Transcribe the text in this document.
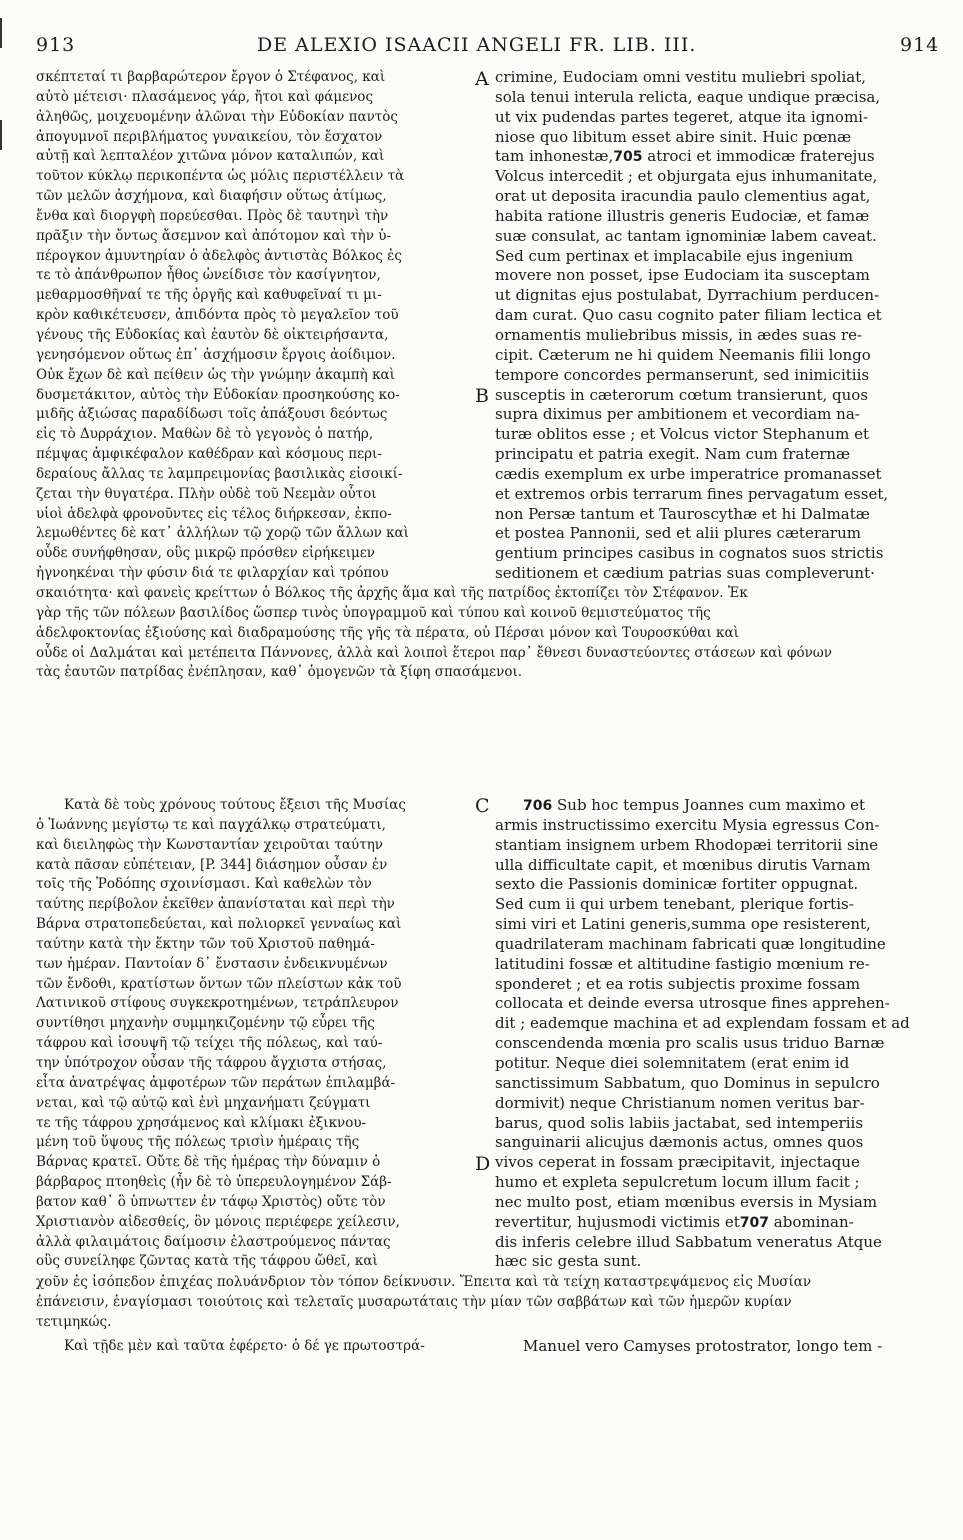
913	DE ALEXIO ISAACII ANGELI FR. LIB. III.	914
A
B
C
D
σκέπτεταί τι βαρβαρώτερον ἔργον ὁ Στέφανος, καὶ
αὐτὸ μέτεισι· πλασάμενος γάρ, ἤτοι καὶ φάμενος
ἀληθῶς, μοιχευομένην ἁλῶναι τὴν Εὐδοκίαν παντὸς
ἀπογυμνοῖ περιβλήματος γυναικείου, τὸν ἔσχατον
αὐτῇ καὶ λεπταλέον χιτῶνα μόνον καταλιπών, καὶ
τοῦτον κύκλῳ περικοπέντα ὡς μόλις περιστέλλειν τὰ
τῶν μελῶν ἀσχήμονα, καὶ διαφήσιν οὕτως ἀτίμως,
ἔνθα καὶ διοργφὴ πορεύεσθαι. Πρὸς δὲ ταυτηνὶ τὴν
πρᾶξιν τὴν ὄντως ἄσεμνον καὶ ἀπότομον καὶ τὴν ὑ-
πέρογκον ἀμυντηρίαν ὁ ἀδελφὸς ἀντιστὰς Βόλκος ἐς
τε τὸ ἀπάνθρωπον ἦθος ὠνείδισε τὸν κασίγνητον,
μεθαρμοσθῆναί τε τῆς ὀργῆς καὶ καθυφεῖναί τι μι-
κρὸν καθικέτευσεν, ἀπιδόντα πρὸς τὸ μεγαλεῖον τοῦ
γένους τῆς Εὐδοκίας καὶ ἑαυτὸν δὲ οἰκτειρήσαντα,
γενησόμενον οὕτως ἐπ᾽ ἀσχήμοσιν ἔργοις ἀοίδιμον.
Οὐκ ἔχων δὲ καὶ πείθειν ὡς τὴν γνώμην ἀκαμπὴ καὶ
δυσμετάκιτον, αὐτὸς τὴν Εὐδοκίαν προσηκούσης κο-
μιδῆς ἀξιώσας παραδίδωσι τοῖς ἀπάξουσι δεόντως
εἰς τὸ Δυρράχιον. Μαθὼν δὲ τὸ γεγονὸς ὁ πατήρ,
πέμψας ἀμφικέφαλον καθέδραν καὶ κόσμους περι-
δεραίους ἄλλας τε λαμπρειμονίας βασιλικὰς εἰσοικί-
ζεται τὴν θυγατέρα. Πλὴν οὐδὲ τοῦ Νεεμὰν οὗτοι
υἱοὶ ἀδελφὰ φρονοῦντες εἰς τέλος διήρκεσαν, ἐκπο-
λεμωθέντες δὲ κατ᾽ ἀλλήλων τῷ χορῷ τῶν ἄλλων καὶ
οὗδε συνήφθησαν, οὓς μικρῷ πρόσθεν εἰρήκειμεν
ἠγνοηκέναι τὴν φύσιν διά τε φιλαρχίαν καὶ τρόπου
crimine, Eudociam omni vestitu muliebri spoliat,
sola tenui interula relicta, eaque undique præcisa,
ut vix pudendas partes tegeret, atque ita ignomi-
niose quo libitum esset abire sinit. Huic pœnæ
tam inhonestæ,705 atroci et immodicæ fraterejus
Volcus intercedit ; et objurgata ejus inhumanitate,
orat ut deposita iracundia paulo clementius agat,
habita ratione illustris generis Eudociæ, et famæ
suæ consulat, ac tantam ignominiæ labem caveat.
Sed cum pertinax et implacabile ejus ingenium
movere non posset, ipse Eudociam ita susceptam
ut dignitas ejus postulabat, Dyrrachium perducen-
dam curat. Quo casu cognito pater filiam lectica et
ornamentis muliebribus missis, in ædes suas re-
cipit. Cæterum ne hi quidem Neemanis filii longo
tempore concordes permanserunt, sed inimicitiis
susceptis in cæterorum cœtum transierunt, quos
supra diximus per ambitionem et vecordiam na-
turæ oblitos esse ; et Volcus victor Stephanum et
principatu et patria exegit. Nam cum fraternæ
cædis exemplum ex urbe imperatrice promanasset
et extremos orbis terrarum fines pervagatum esset,
non Persæ tantum et Tauroscythæ et hi Dalmatæ
et postea Pannonii, sed et alii plures cæterarum
gentium principes casibus in cognatos suos strictis
seditionem et cædium patrias suas compleverunt·
σκαιότητα· καὶ φανεὶς κρείττων ὁ Βόλκος τῆς ἀρχῆς ἅμα καὶ τῆς πατρίδος ἐκτοπίζει τὸν Στέφανον. Ἐκ
γὰρ τῆς τῶν πόλεων βασιλίδος ὥσπερ τινὸς ὑπογραμμοῦ καὶ τύπου καὶ κοινοῦ θεμιστεύματος τῆς
ἀδελφοκτονίας ἐξιούσης καὶ διαδραμούσης τῆς γῆς τὰ πέρατα, οὐ Πέρσαι μόνον καὶ Τουροσκύθαι καὶ
οὗδε οἱ Δαλμάται καὶ μετέπειτα Πάννονες, ἀλλὰ καὶ λοιποὶ ἕτεροι παρ᾽ ἔθνεσι δυναστεύοντες στάσεων καὶ φόνων
τὰς ἑαυτῶν πατρίδας ἐνέπλησαν, καθ᾽ ὁμογενῶν τὰ ξίφη σπασάμενοι.
Κατὰ δὲ τοὺς χρόνους τούτους ἔξεισι τῆς Μυσίας
ὁ Ἰωάννης μεγίστῳ τε καὶ παγχάλκῳ στρατεύματι,
καὶ διειληφὼς τὴν Κωνσταντίαν χειροῦται ταύτην
κατὰ πᾶσαν εὐπέτειαν, [P. 344] διάσημον οὖσαν ἐν
τοῖς τῆς Ῥοδόπης σχοινίσμασι. Καὶ καθελὼν τὸν
ταύτης περίβολον ἐκεῖθεν ἀπανίσταται καὶ περὶ τὴν
Βάρνα στρατοπεδεύεται, καὶ πολιορκεῖ γενναίως καὶ
ταύτην κατὰ τὴν ἕκτην τῶν τοῦ Χριστοῦ παθημά-
των ἡμέραν. Παντοίαν δ᾽ ἔνστασιν ἐνδεικνυμένων
τῶν ἔνδοθι, κρατίστων ὄντων τῶν πλείστων κἀκ τοῦ
Λατινικοῦ στίφους συγκεκροτημένων, τετράπλευρον
συντίθησι μηχανὴν συμμηκιζομένην τῷ εὖρει τῆς
τάφρου καὶ ἰσουψῆ τῷ τείχει τῆς πόλεως, καὶ ταύ-
την ὑπότροχον οὖσαν τῆς τάφρου ἄγχιστα στήσας,
εἶτα ἀνατρέψας ἀμφοτέρων τῶν περάτων ἐπιλαμβά-
νεται, καὶ τῷ αὐτῷ καὶ ἑνὶ μηχανήματι ζεύγματι
τε τῆς τάφρου χρησάμενος καὶ κλίμακι ἐξικνου-
μένη τοῦ ὕψους τῆς πόλεως τρισὶν ἡμέραις τῆς
Βάρνας κρατεῖ. Οὔτε δὲ τῆς ἡμέρας τὴν δύναμιν ὁ
βάρβαρος πτοηθεὶς (ἦν δὲ τὸ ὑπερευλογημένον Σάβ-
βατον καθ᾽ ὃ ὑπνωττεν ἐν τάφῳ Χριστὸς) οὔτε τὸν
Χριστιανὸν αἰδεσθείς, ὃν μόνοις περιέφερε χείλεσιν,
ἀλλὰ φιλαιμάτοις δαίμοσιν ἐλαστρούμενος πάντας
οὓς συνείληφε ζῶντας κατὰ τῆς τάφρου ὤθεῖ, καὶ
706 Sub hoc tempus Joannes cum maximo et
armis instructissimo exercitu Mysia egressus Con-
stantiam insignem urbem Rhodopæi territorii sine
ulla difficultate capit, et mœnibus dirutis Varnam
sexto die Passionis dominicæ fortiter oppugnat.
Sed cum ii qui urbem tenebant, plerique fortis-
simi viri et Latini generis,summa ope resisterent,
quadrilateram machinam fabricati quæ longitudine
latitudini fossæ et altitudine fastigio mœnium re-
sponderet ; et ea rotis subjectis proxime fossam
collocata et deinde eversa utrosque fines apprehen-
dit ; eademque machina et ad explendam fossam et ad
conscendenda mœnia pro scalis usus triduo Barnæ
potitur. Neque diei solemnitatem (erat enim id
sanctissimum Sabbatum, quo Dominus in sepulcro
dormivit) neque Christianum nomen veritus bar-
barus, quod solis labiis jactabat, sed intemperiis
sanguinarii alicujus dæmonis actus, omnes quos
vivos ceperat in fossam præcipitavit, injectaque
humo et expleta sepulcretum locum illum facit ;
nec multo post, etiam mœnibus eversis in Mysiam
revertitur, hujusmodi victimis et707 abominan-
dis inferis celebre illud Sabbatum veneratus Atque
hæc sic gesta sunt.
χοῦν ἐς ἰσόπεδον ἐπιχέας πολυάνδριον τὸν τόπον δείκνυσιν. Ἔπειτα καὶ τὰ τείχη καταστρεψάμενος εἰς Μυσίαν
ἐπάνεισιν, ἐναγίσμασι τοιούτοις καὶ τελεταῖς μυσαρωτάταις τὴν μίαν τῶν σαββάτων καὶ τῶν ἡμερῶν κυρίαν
τετιμηκώς.
Καὶ τῇδε μὲν καὶ ταῦτα ἐφέρετο· ὁ δέ γε πρωτοστρά-	Manuel vero Camyses protostrator, longo tem -
